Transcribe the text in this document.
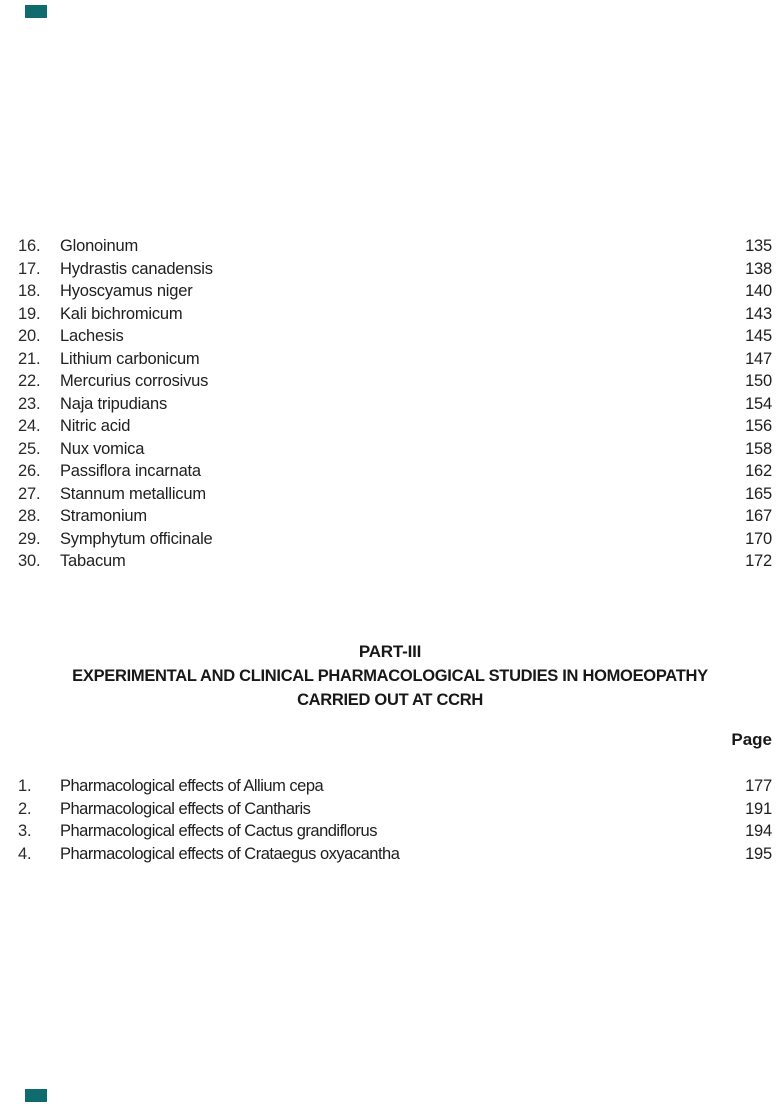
16.	Glonoinum	135
17.	Hydrastis canadensis	138
18.	Hyoscyamus niger	140
19.	Kali bichromicum	143
20.	Lachesis	145
21.	Lithium carbonicum	147
22.	Mercurius corrosivus	150
23.	Naja tripudians	154
24.	Nitric acid	156
25.	Nux vomica	158
26.	Passiflora incarnata	162
27.	Stannum metallicum	165
28.	Stramonium	167
29.	Symphytum officinale	170
30.	Tabacum	172
PART-III
EXPERIMENTAL AND CLINICAL PHARMACOLOGICAL STUDIES IN HOMOEOPATHY
CARRIED OUT AT CCRH
Page
1.	Pharmacological effects of Allium cepa	177
2.	Pharmacological effects of Cantharis	191
3.	Pharmacological effects of Cactus grandiflorus	194
4.	Pharmacological effects of Crataegus oxyacantha	195
